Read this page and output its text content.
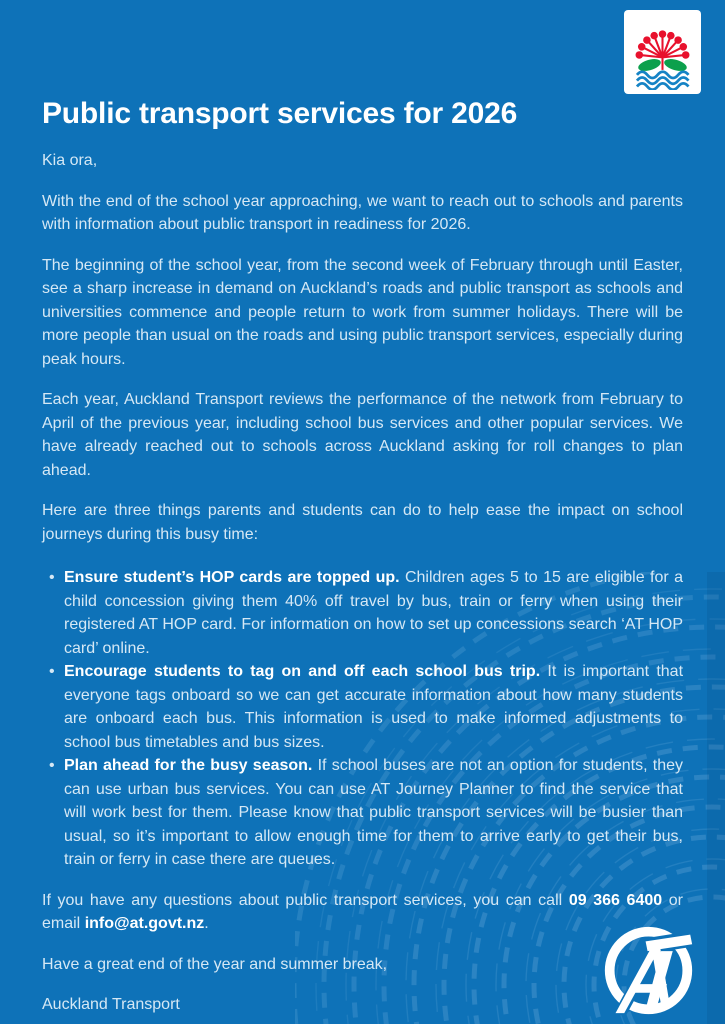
Public transport services for 2026

Kia ora,

With the end of the school year approaching, we want to reach out to schools and parents with information about public transport in readiness for 2026.

The beginning of the school year, from the second week of February through until Easter, see a sharp increase in demand on Auckland’s roads and public transport as schools and universities commence and people return to work from summer holidays. There will be more people than usual on the roads and using public transport services, especially during peak hours.

Each year, Auckland Transport reviews the performance of the network from February to April of the previous year, including school bus services and other popular services. We have already reached out to schools across Auckland asking for roll changes to plan ahead.

Here are three things parents and students can do to help ease the impact on school journeys during this busy time:

• Ensure student’s HOP cards are topped up. Children ages 5 to 15 are eligible for a child concession giving them 40% off travel by bus, train or ferry when using their registered AT HOP card. For information on how to set up concessions search ‘AT HOP card’ online.
• Encourage students to tag on and off each school bus trip. It is important that everyone tags onboard so we can get accurate information about how many students are onboard each bus. This information is used to make informed adjustments to school bus timetables and bus sizes.
• Plan ahead for the busy season. If school buses are not an option for students, they can use urban bus services. You can use AT Journey Planner to find the service that will work best for them. Please know that public transport services will be busier than usual, so it’s important to allow enough time for them to arrive early to get their bus, train or ferry in case there are queues.

If you have any questions about public transport services, you can call 09 366 6400 or email info@at.govt.nz.

Have a great end of the year and summer break,

Auckland Transport
